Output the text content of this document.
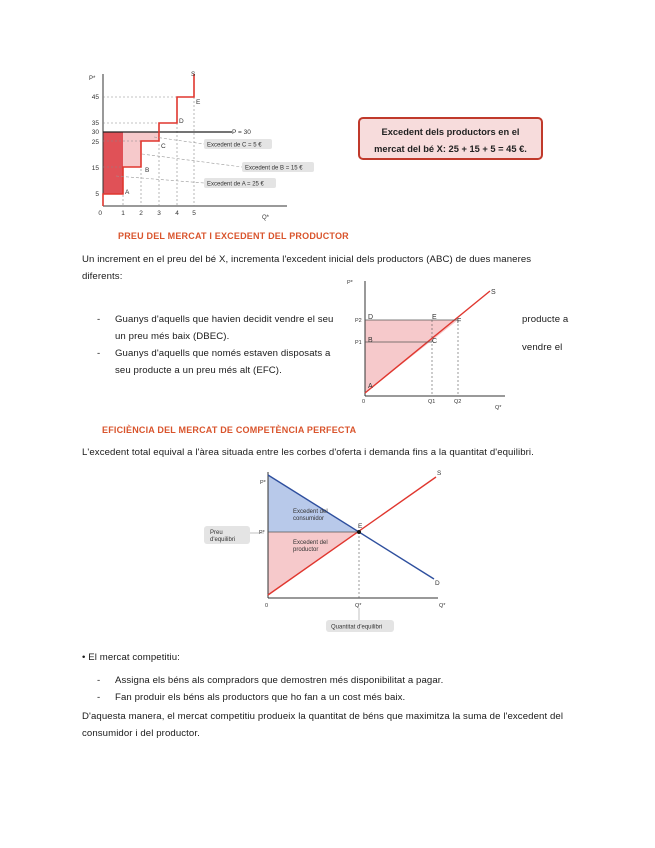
45
35
30
25
15
5
0
P*
1 2 3 4 5
Q*
A
B
C
D
E
S
P = 30
Excedent de C = 5 €
Excedent de B = 15 €
Excedent de A = 25 €
Excedent dels productors en el
mercat del bé X: 25 + 15 + 5 = 45 €.
PREU DEL MERCAT I EXCEDENT DEL PRODUCTOR
Un increment en el preu del bé X, incrementa l'excedent inicial dels productors (ABC) de dues maneres diferents:
- Guanys d'aquells que havien decidit vendre el seu
un preu més baix (DBEC).
- Guanys d'aquells que només estaven disposats a
seu producte a un preu més alt (EFC).
producte a
vendre el
D	E
F
B	C
A
S
P*
P2
P1
0	Q1	Q2
Q*
EFICIÈNCIA DEL MERCAT DE COMPETÈNCIA PERFECTA
L'excedent total equival a l'àrea situada entre les corbes d'oferta i demanda fins a la quantitat d'equilibri.
Excedent del
consumidor
Excedent del
productor
E
S
D
P*
P*
0	Q*	Q*
Preu
d'equilibri
Quantitat d'equilibri
• El mercat competitiu:
- Assigna els béns als compradors que demostren més disponibilitat a pagar.
- Fan produir els béns als productors que ho fan a un cost més baix.
D'aquesta manera, el mercat competitiu produeix la quantitat de béns que maximitza la suma de l'excedent del consumidor i del productor.
